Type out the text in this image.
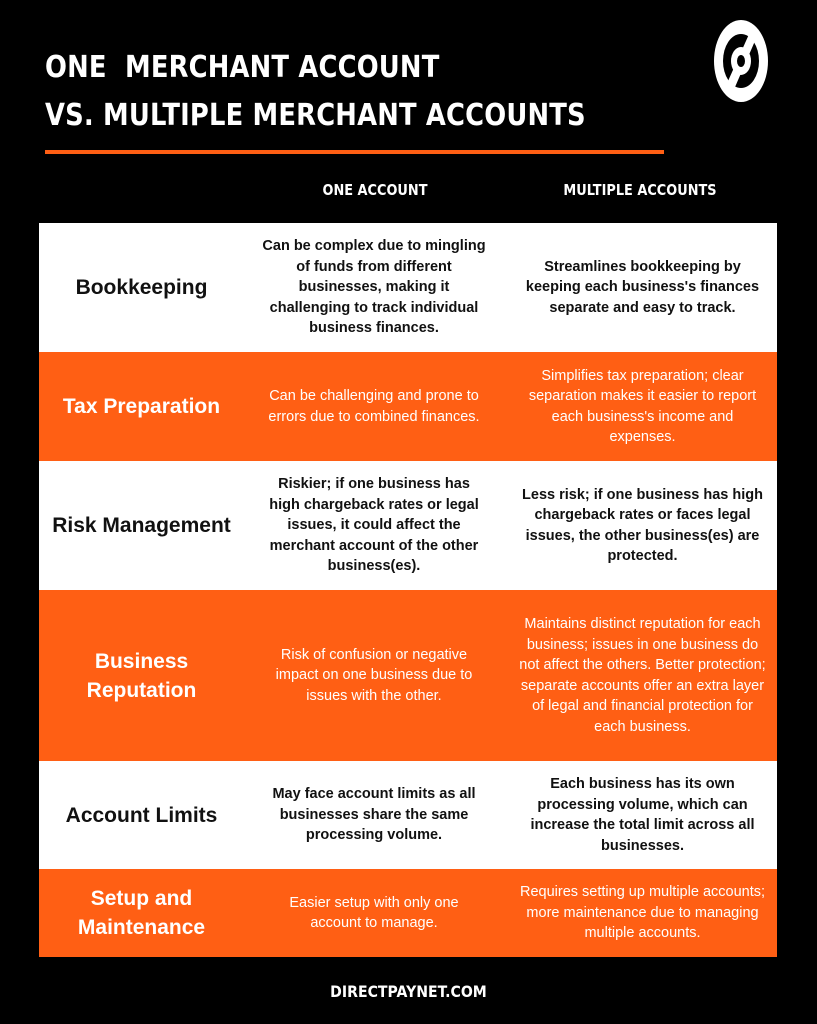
ONE  MERCHANT ACCOUNT
VS. MULTIPLE MERCHANT ACCOUNTS
ONE ACCOUNT	MULTIPLE ACCOUNTS
Bookkeeping
Can be complex due to mingling of funds from different businesses, making it challenging to track individual business finances.
Streamlines bookkeeping by keeping each business's finances separate and easy to track.
Tax Preparation	Can be challenging and prone to errors due to combined finances.
Simplifies tax preparation; clear separation makes it easier to report each business's income and expenses.
Risk Management
Riskier; if one business has high chargeback rates or legal issues, it could affect the merchant account of the other business(es).
Less risk; if one business has high chargeback rates or faces legal issues, the other business(es) are protected.
Business Reputation
Risk of confusion or negative impact on one business due to issues with the other.
Maintains distinct reputation for each business; issues in one business do not affect the others. Better protection; separate accounts offer an extra layer of legal and financial protection for each business.
Account Limits
May face account limits as all businesses share the same processing volume.
Each business has its own processing volume, which can increase the total limit across all businesses.
Setup and Maintenance
Easier setup with only one account to manage.
Requires setting up multiple accounts; more maintenance due to managing multiple accounts.
DIRECTPAYNET.COM
